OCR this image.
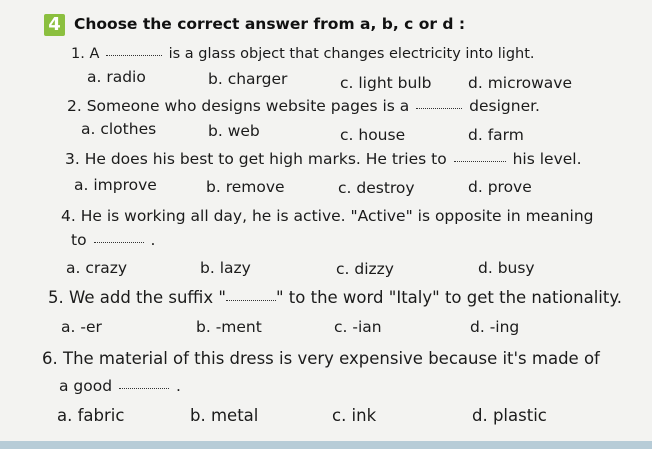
4 Choose the correct answer from a, b, c or d :
1. A	is a glass object that changes electricity into light.
a. radio	b. charger	c. light bulb d. microwave
2. Someone who designs website pages is a	designer.
a. clothes	b. web	c. house	d. farm
3. He does his best to get high marks. He tries to	his level.
a. improve	b. remove	c. destroy	d. prove
4. He is working all day, he is active. "Active" is opposite in meaning
to	.
a. crazy	b. lazy	c. dizzy	d. busy
5. We add the suffix "	" to the word "Italy" to get the nationality.
a. -er	b. -ment	c. -ian	d. -ing
6. The material of this dress is very expensive because it's made of
a good	.
a. fabric	b. metal	c. ink	d. plastic
